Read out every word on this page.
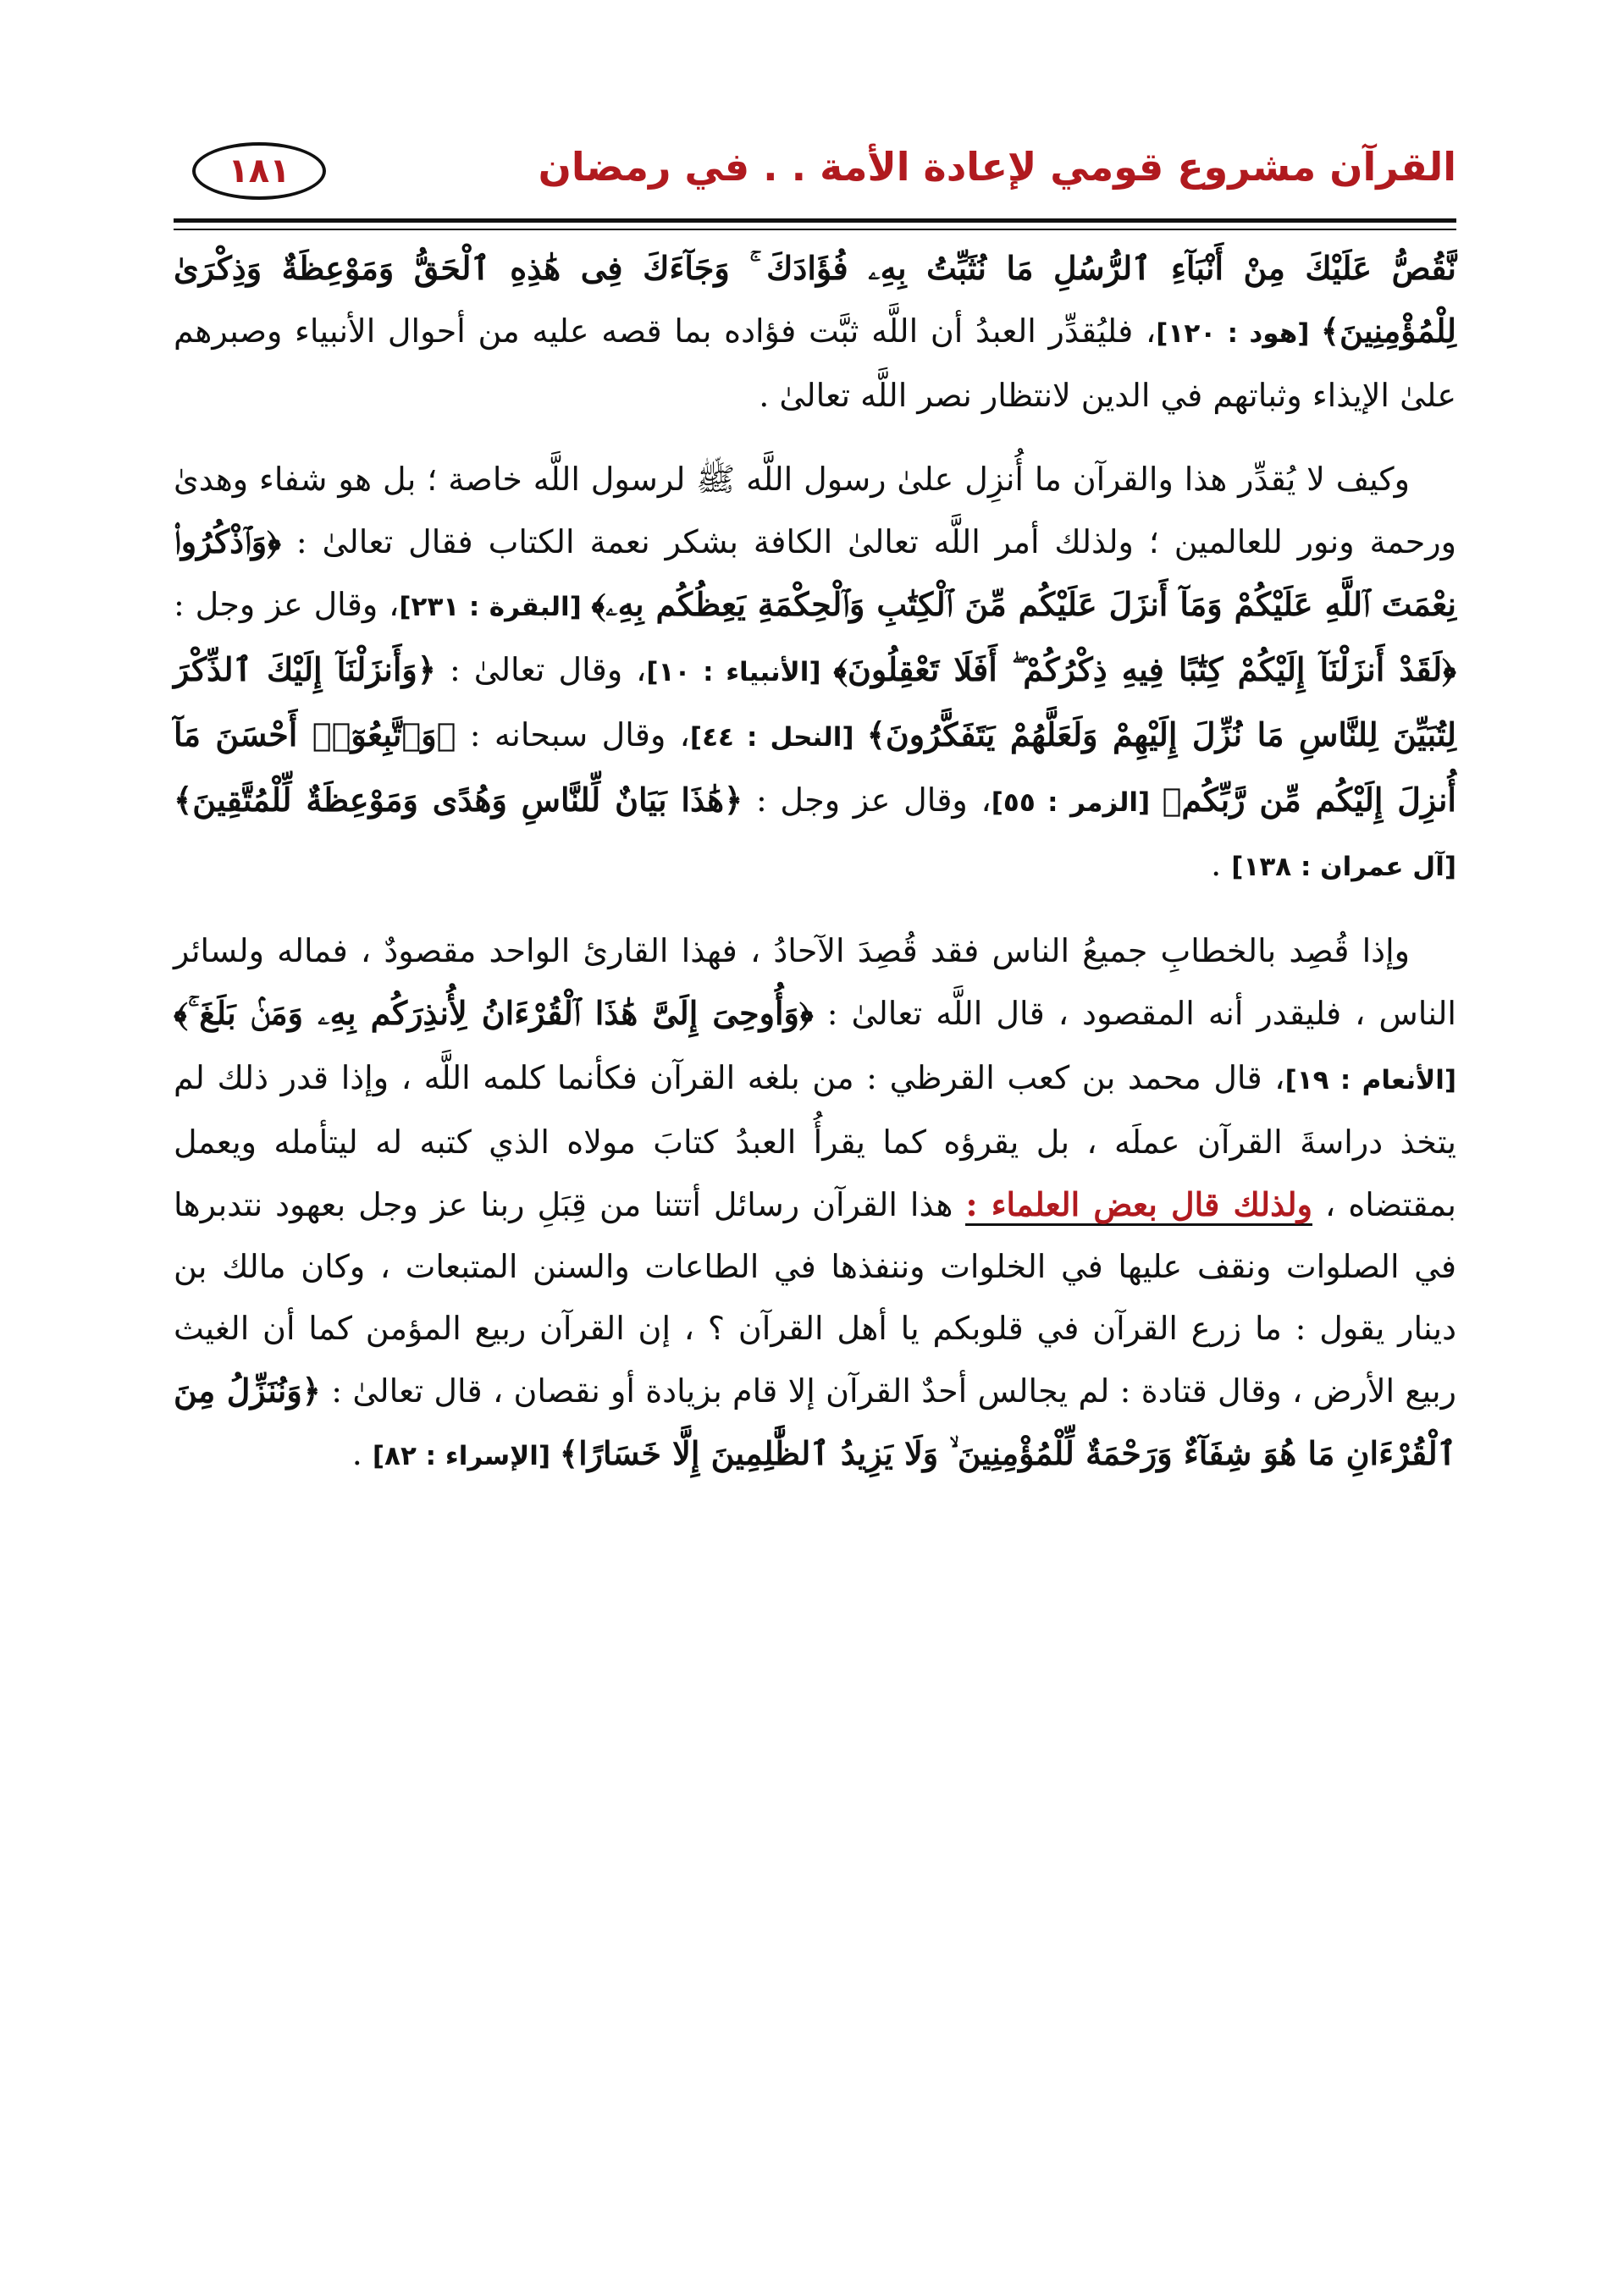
القرآن مشروع قومي لإعادة الأمة . . في رمضان
١٨١

نَّقُصُّ عَلَيْكَ مِنْ أَنْبَآءِ ٱلرُّسُلِ مَا نُثَبِّتُ بِهِۦ فُؤَادَكَ ۚ وَجَآءَكَ فِى هَٰذِهِ ٱلْحَقُّ وَمَوْعِظَةٌ وَذِكْرَىٰ لِلْمُؤْمِنِينَ﴾ [هود : ١٢٠]، فليُقدِّر العبدُ أن اللَّه ثبَّت فؤاده بما قصه عليه من أحوال الأنبياء وصبرهم علىٰ الإيذاء وثباتهم في الدين لانتظار نصر اللَّه تعالىٰ .

وكيف لا يُقدِّر هذا والقرآن ما أُنزِل علىٰ رسول اللَّه ﷺ لرسول اللَّه خاصة ؛ بل هو شفاء وهدىٰ ورحمة ونور للعالمين ؛ ولذلك أمر اللَّه تعالىٰ الكافة بشكر نعمة الكتاب فقال تعالىٰ : ﴿وَٱذْكُرُوا۟ نِعْمَتَ ٱللَّهِ عَلَيْكُمْ وَمَآ أَنزَلَ عَلَيْكُم مِّنَ ٱلْكِتَٰبِ وَٱلْحِكْمَةِ يَعِظُكُم بِهِۦ﴾ [البقرة : ٢٣١]، وقال عز وجل : ﴿لَقَدْ أَنزَلْنَآ إِلَيْكُمْ كِتَٰبًا فِيهِ ذِكْرُكُمْ ۖ أَفَلَا تَعْقِلُونَ﴾ [الأنبياء : ١٠]، وقال تعالىٰ : ﴿وَأَنزَلْنَآ إِلَيْكَ ٱلذِّكْرَ لِتُبَيِّنَ لِلنَّاسِ مَا نُزِّلَ إِلَيْهِمْ وَلَعَلَّهُمْ يَتَفَكَّرُونَ﴾ [النحل : ٤٤]، وقال سبحانه : ﴿وَٱتَّبِعُوٓا۟ أَحْسَنَ مَآ أُنزِلَ إِلَيْكُم مِّن رَّبِّكُم﴾ [الزمر : ٥٥]، وقال عز وجل : ﴿هَٰذَا بَيَانٌ لِّلنَّاسِ وَهُدًى وَمَوْعِظَةٌ لِّلْمُتَّقِينَ﴾ [آل عمران : ١٣٨] .

وإذا قُصِد بالخطابِ جميعُ الناس فقد قُصِدَ الآحادُ ، فهذا القارئ الواحد مقصودٌ ، فماله ولسائر الناس ، فليقدر أنه المقصود ، قال اللَّه تعالىٰ : ﴿وَأُوحِىَ إِلَىَّ هَٰذَا ٱلْقُرْءَانُ لِأُنذِرَكُم بِهِۦ وَمَنۢ بَلَغَ ۚ﴾ [الأنعام : ١٩]، قال محمد بن كعب القرظي : من بلغه القرآن فكأنما كلمه اللَّه ، وإذا قدر ذلك لم يتخذ دراسةَ القرآن عملَه ، بل يقرؤه كما يقرأُ العبدُ كتابَ مولاه الذي كتبه له ليتأمله ويعمل بمقتضاه ، ولذلك قال بعض العلماء : هذا القرآن رسائل أتتنا من قِبَلِ ربنا عز وجل بعهود نتدبرها في الصلوات ونقف عليها في الخلوات وننفذها في الطاعات والسنن المتبعات ، وكان مالك بن دينار يقول : ما زرع القرآن في قلوبكم يا أهل القرآن ؟ ، إن القرآن ربيع المؤمن كما أن الغيث ربيع الأرض ، وقال قتادة : لم يجالس أحدٌ القرآن إلا قام بزيادة أو نقصان ، قال تعالىٰ : ﴿وَنُنَزِّلُ مِنَ ٱلْقُرْءَانِ مَا هُوَ شِفَآءٌ وَرَحْمَةٌ لِّلْمُؤْمِنِينَ ۙ وَلَا يَزِيدُ ٱلظَّٰلِمِينَ إِلَّا خَسَارًا﴾ [الإسراء : ٨٢] .
